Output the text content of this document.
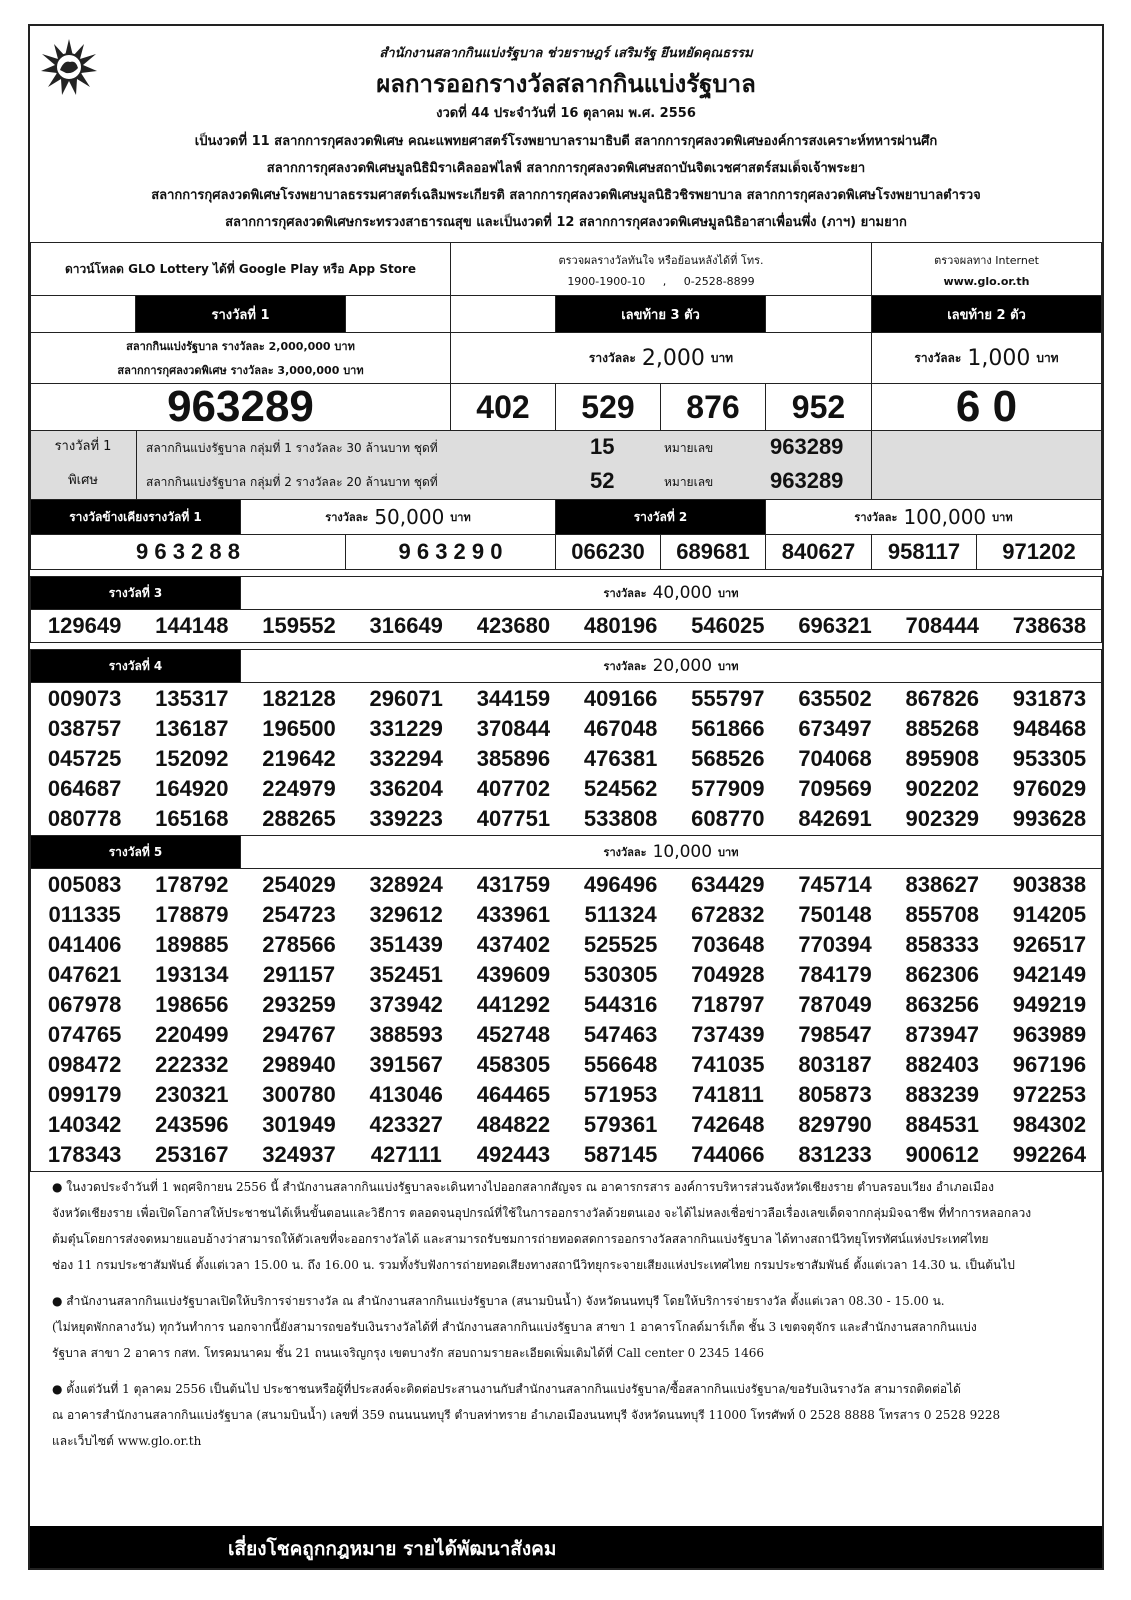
สำนักงานสลากกินแบ่งรัฐบาล ช่วยราษฎร์ เสริมรัฐ ยึนหยัดคุณธรรม
ผลการออกรางวัลสลากกินแบ่งรัฐบาล
งวดที่ 44 ประจำวันที่ 16 ตุลาคม พ.ศ. 2556
เป็นงวดที่ 11 สลากการกุศลงวดพิเศษ คณะแพทยศาสตร์โรงพยาบาลรามาธิบดี สลากการกุศลงวดพิเศษองค์การสงเคราะห์ทหารผ่านศึก
สลากการกุศลงวดพิเศษมูลนิธิมิราเคิลออฟไลฟ์ สลากการกุศลงวดพิเศษสถาบันจิตเวชศาสตร์สมเด็จเจ้าพระยา
สลากการกุศลงวดพิเศษโรงพยาบาลธรรมศาสตร์เฉลิมพระเกียรติ สลากการกุศลงวดพิเศษมูลนิธิวชิรพยาบาล สลากการกุศลงวดพิเศษโรงพยาบาลตำรวจ
สลากการกุศลงวดพิเศษกระทรวงสาธารณสุข และเป็นงวดที่ 12 สลากการกุศลงวดพิเศษมูลนิธิอาสาเพื่อนพึ่ง (ภาฯ) ยามยาก
ดาวน์โหลด GLO Lottery ได้ที่ Google Play หรือ App Store
ตรวจผลรางวัลทันใจ หรือย้อนหลังได้ที่ โทร.
1900-1900-10 , 0-2528-8899
ตรวจผลทาง Internet
www.glo.or.th
รางวัลที่ 1	เลขท้าย 3 ตัว	เลขท้าย 2 ตัว
สลากกินแบ่งรัฐบาล รางวัลละ 2,000,000 บาท
สลากการกุศลงวดพิเศษ รางวัลละ 3,000,000 บาท
รางวัลละ 2,000 บาท	รางวัลละ 1,000 บาท
963289	402	529	876	952	6 0
รางวัลที่ 1
พิเศษ
สลากกินแบ่งรัฐบาล กลุ่มที่ 1 รางวัลละ 30 ล้านบาท ชุดที่	15	หมายเลข	963289
สลากกินแบ่งรัฐบาล กลุ่มที่ 2 รางวัลละ 20 ล้านบาท ชุดที่	52	หมายเลข	963289
รางวัลข้างเคียงรางวัลที่ 1	รางวัลละ 50,000 บาท	รางวัลที่ 2	รางวัลละ 100,000 บาท
9 6 3 2 8 8	9 6 3 2 9 0	066230	689681	840627	958117	971202
รางวัลที่ 3	รางวัลละ 40,000 บาท
129649	144148	159552	316649	423680	480196	546025	696321	708444	738638
รางวัลที่ 4	รางวัลละ 20,000 บาท
009073	135317	182128	296071	344159	409166	555797	635502	867826	931873
038757	136187	196500	331229	370844	467048	561866	673497	885268	948468
045725	152092	219642	332294	385896	476381	568526	704068	895908	953305
064687	164920	224979	336204	407702	524562	577909	709569	902202	976029
080778	165168	288265	339223	407751	533808	608770	842691	902329	993628
รางวัลที่ 5	รางวัลละ 10,000 บาท
005083	178792	254029	328924	431759	496496	634429	745714	838627	903838
011335	178879	254723	329612	433961	511324	672832	750148	855708	914205
041406	189885	278566	351439	437402	525525	703648	770394	858333	926517
047621	193134	291157	352451	439609	530305	704928	784179	862306	942149
067978	198656	293259	373942	441292	544316	718797	787049	863256	949219
074765	220499	294767	388593	452748	547463	737439	798547	873947	963989
098472	222332	298940	391567	458305	556648	741035	803187	882403	967196
099179	230321	300780	413046	464465	571953	741811	805873	883239	972253
140342	243596	301949	423327	484822	579361	742648	829790	884531	984302
178343	253167	324937	427111	492443	587145	744066	831233	900612	992264
● ในงวดประจำวันที่ 1 พฤศจิกายน 2556 นี้ สำนักงานสลากกินแบ่งรัฐบาลจะเดินทางไปออกสลากสัญจร ณ อาคารกรสาร องค์การบริหารส่วนจังหวัดเชียงราย ตำบลรอบเวียง อำเภอเมือง
จังหวัดเชียงราย เพื่อเปิดโอกาสให้ประชาชนได้เห็นขั้นตอนและวิธีการ ตลอดจนอุปกรณ์ที่ใช้ในการออกรางวัลด้วยตนเอง จะได้ไม่หลงเชื่อข่าวลือเรื่องเลขเด็ดจากกลุ่มมิจฉาชีพ ที่ทำการหลอกลวง
ต้มตุ๋นโดยการส่งจดหมายแอบอ้างว่าสามารถให้ตัวเลขที่จะออกรางวัลได้ และสามารถรับชมการถ่ายทอดสดการออกรางวัลสลากกินแบ่งรัฐบาล ได้ทางสถานีวิทยุโทรทัศน์แห่งประเทศไทย
ช่อง 11 กรมประชาสัมพันธ์ ตั้งแต่เวลา 15.00 น. ถึง 16.00 น. รวมทั้งรับฟังการถ่ายทอดเสียงทางสถานีวิทยุกระจายเสียงแห่งประเทศไทย กรมประชาสัมพันธ์ ตั้งแต่เวลา 14.30 น. เป็นต้นไป
● สำนักงานสลากกินแบ่งรัฐบาลเปิดให้บริการจ่ายรางวัล ณ สำนักงานสลากกินแบ่งรัฐบาล (สนามบินน้ำ) จังหวัดนนทบุรี โดยให้บริการจ่ายรางวัล ตั้งแต่เวลา 08.30 - 15.00 น.
(ไม่หยุดพักกลางวัน) ทุกวันทำการ นอกจากนี้ยังสามารถขอรับเงินรางวัลได้ที่ สำนักงานสลากกินแบ่งรัฐบาล สาขา 1 อาคารโกลด์มาร์เก็ต ชั้น 3 เขตจตุจักร และสำนักงานสลากกินแบ่ง
รัฐบาล สาขา 2 อาคาร กสท. โทรคมนาคม ชั้น 21 ถนนเจริญกรุง เขตบางรัก สอบถามรายละเอียดเพิ่มเติมได้ที่ Call center 0 2345 1466
● ตั้งแต่วันที่ 1 ตุลาคม 2556 เป็นต้นไป ประชาชนหรือผู้ที่ประสงค์จะติดต่อประสานงานกับสำนักงานสลากกินแบ่งรัฐบาล/ซื้อสลากกินแบ่งรัฐบาล/ขอรับเงินรางวัล สามารถติดต่อได้
ณ อาคารสำนักงานสลากกินแบ่งรัฐบาล (สนามบินน้ำ) เลขที่ 359 ถนนนนทบุรี ตำบลท่าทราย อำเภอเมืองนนทบุรี จังหวัดนนทบุรี 11000 โทรศัพท์ 0 2528 8888 โทรสาร 0 2528 9228
และเว็บไซต์ www.glo.or.th
เสี่ยงโชคถูกกฎหมาย รายได้พัฒนาสังคม
